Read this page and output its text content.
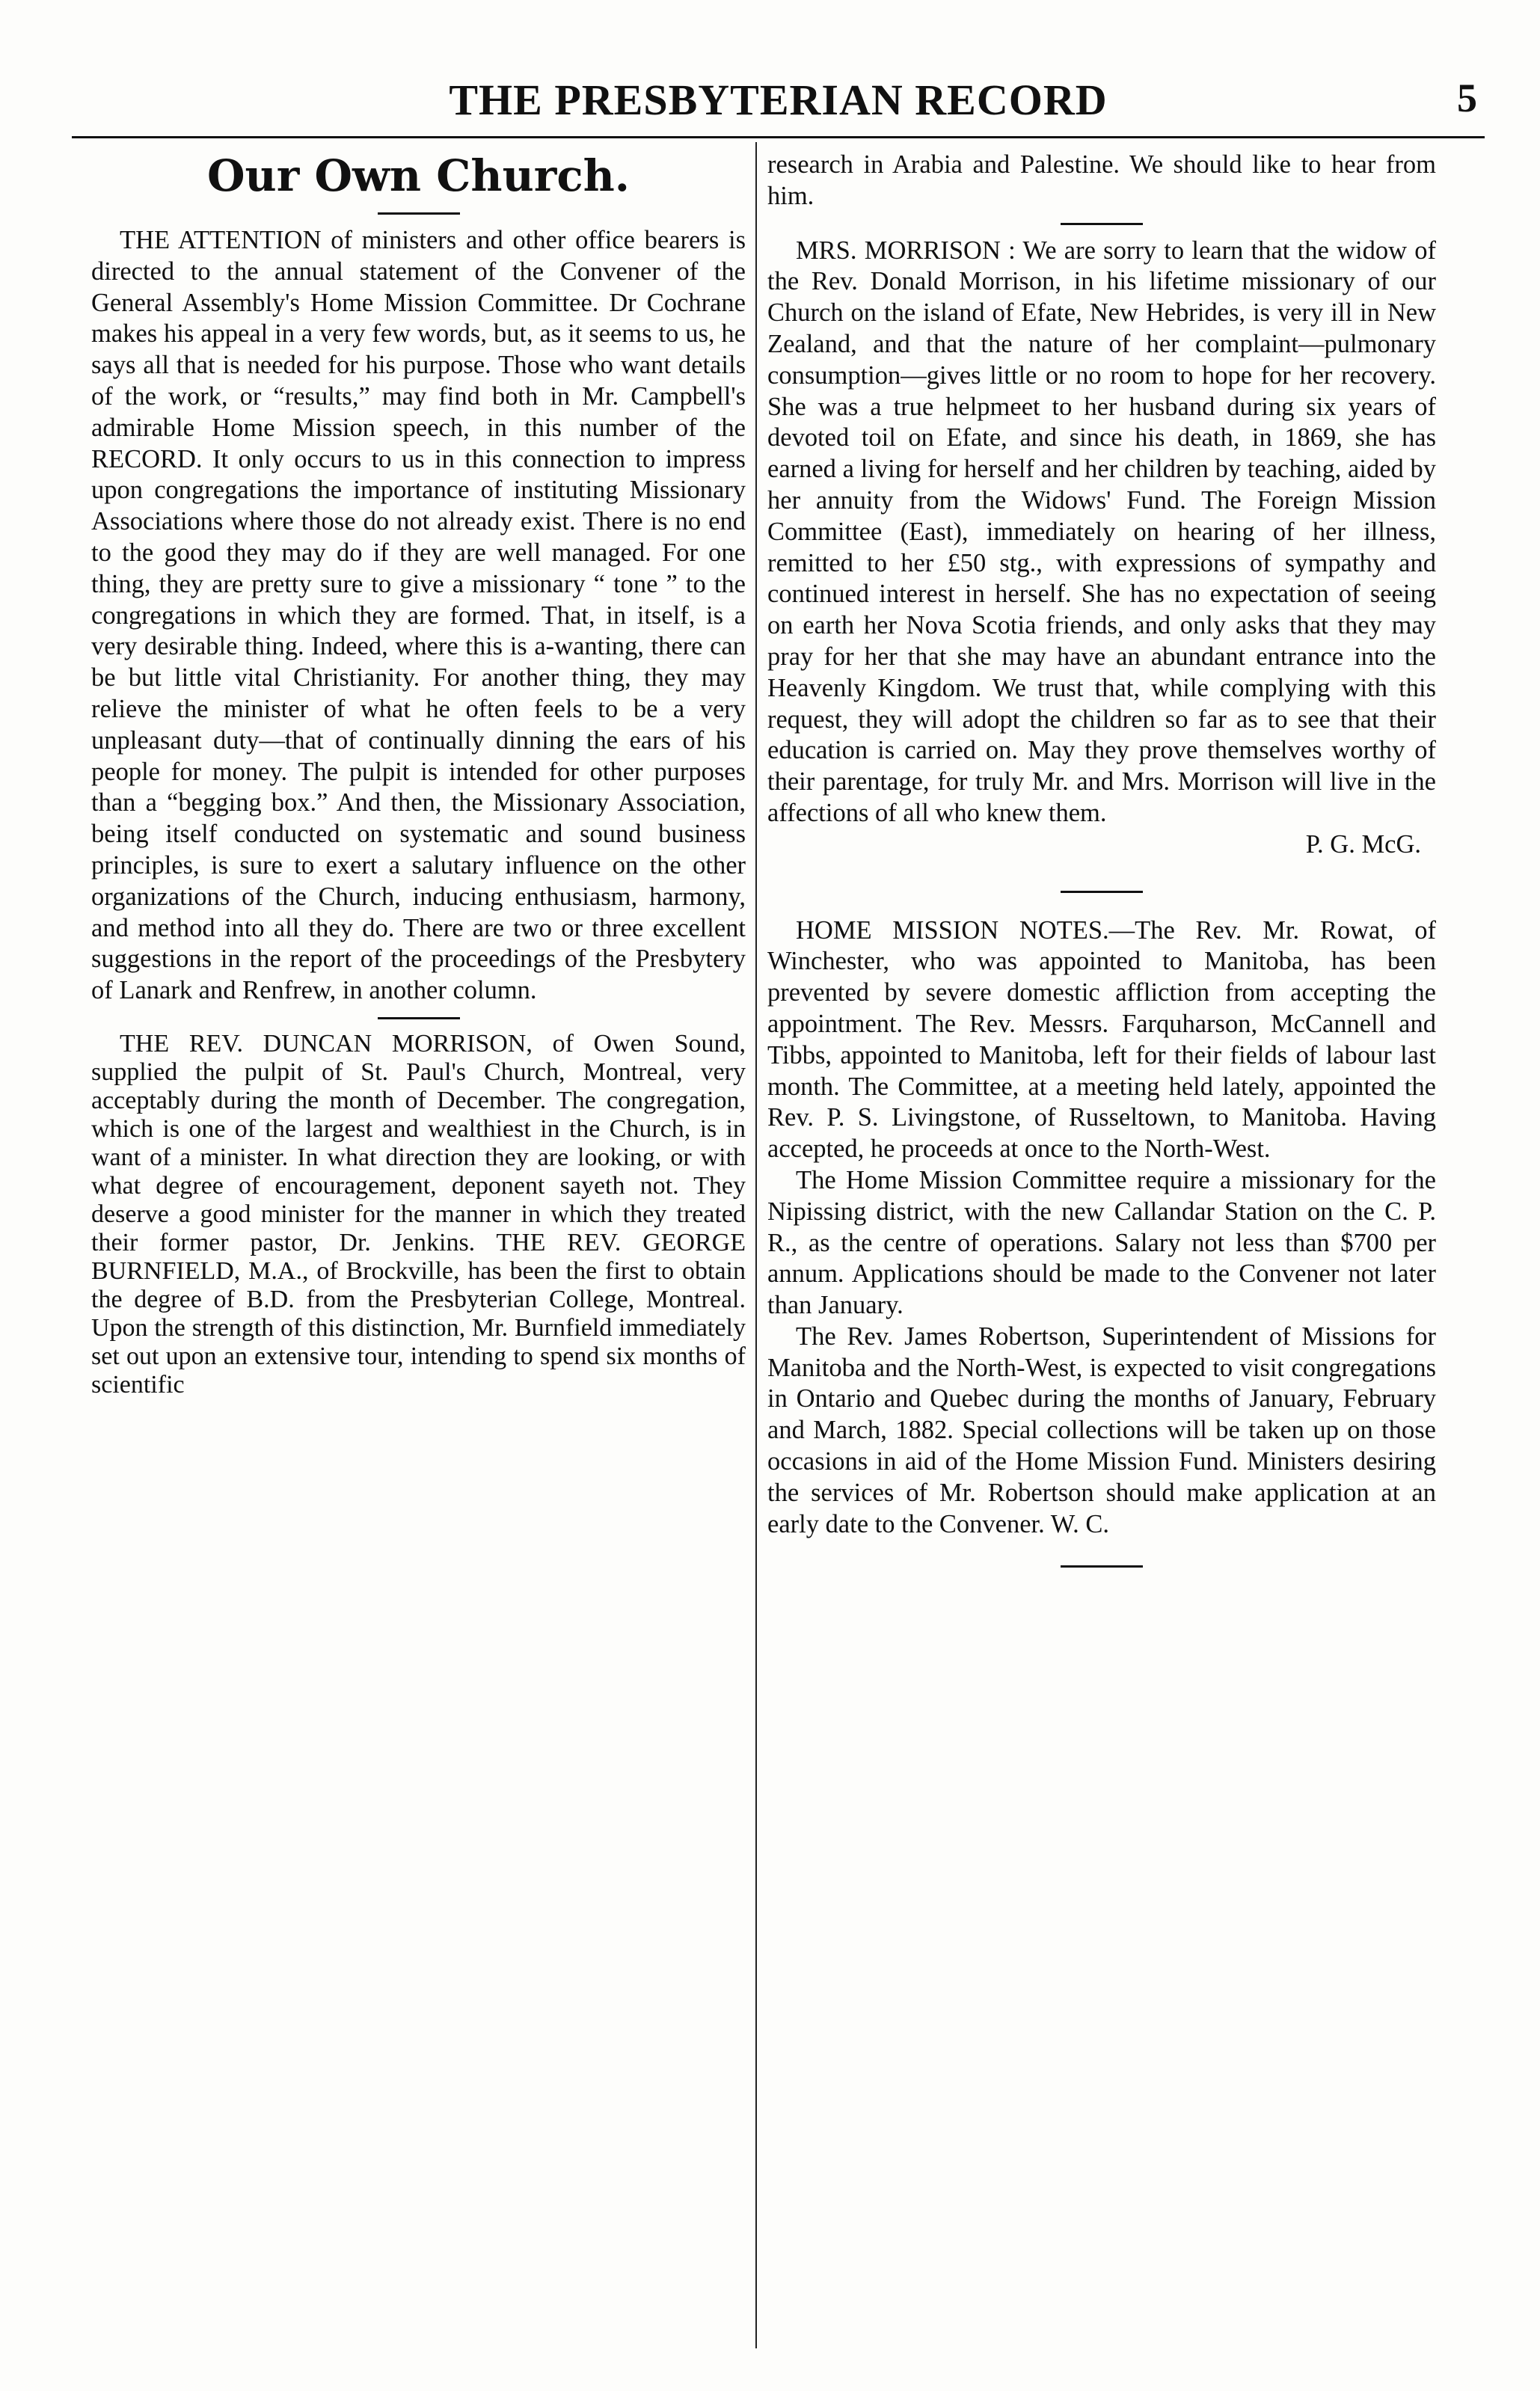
THE PRESBYTERIAN RECORD	5
Our Own Church.

THE ATTENTION of ministers and other office bearers is directed to the annual statement of the Convener of the General Assembly's Home Mission Committee. Dr Cochrane makes his appeal in a very few words, but, as it seems to us, he says all that is needed for his purpose. Those who want details of the work, or “results,” may find both in Mr. Campbell's admirable Home Mission speech, in this number of the RECORD. It only occurs to us in this connection to impress upon congregations the importance of instituting Missionary Associations where those do not already exist. There is no end to the good they may do if they are well managed. For one thing, they are pretty sure to give a missionary “ tone ” to the congregations in which they are formed. That, in itself, is a very desirable thing. Indeed, where this is a-wanting, there can be but little vital Christianity. For another thing, they may relieve the minister of what he often feels to be a very unpleasant duty—that of continually dinning the ears of his people for money. The pulpit is intended for other purposes than a “begging box.” And then, the Missionary Association, being itself conducted on systematic and sound business principles, is sure to exert a salutary influence on the other organizations of the Church, inducing enthusiasm, harmony, and method into all they do. There are two or three excellent suggestions in the report of the proceedings of the Presbytery of Lanark and Renfrew, in another column.

THE REV. DUNCAN MORRISON, of Owen Sound, supplied the pulpit of St. Paul's Church, Montreal, very acceptably during the month of December. The congregation, which is one of the largest and wealthiest in the Church, is in want of a minister. In what direction they are looking, or with what degree of encouragement, deponent sayeth not. They deserve a good minister for the manner in which they treated their former pastor, Dr. Jenkins. THE REV. GEORGE BURNFIELD, M.A., of Brockville, has been the first to obtain the degree of B.D. from the Presbyterian College, Montreal. Upon the strength of this distinction, Mr. Burnfield immediately set out upon an extensive tour, intending to spend six months of scientific

research in Arabia and Palestine. We should like to hear from him.

MRS. MORRISON : We are sorry to learn that the widow of the Rev. Donald Morrison, in his lifetime missionary of our Church on the island of Efate, New Hebrides, is very ill in New Zealand, and that the nature of her complaint—pulmonary consumption—gives little or no room to hope for her recovery. She was a true helpmeet to her husband during six years of devoted toil on Efate, and since his death, in 1869, she has earned a living for herself and her children by teaching, aided by her annuity from the Widows' Fund. The Foreign Mission Committee (East), immediately on hearing of her illness, remitted to her £50 stg., with expressions of sympathy and continued interest in herself. She has no expectation of seeing on earth her Nova Scotia friends, and only asks that they may pray for her that she may have an abundant entrance into the Heavenly Kingdom. We trust that, while complying with this request, they will adopt the children so far as to see that their education is carried on. May they prove themselves worthy of their parentage, for truly Mr. and Mrs. Morrison will live in the affections of all who knew them.

P. G. McG.

HOME MISSION NOTES.—The Rev. Mr. Rowat, of Winchester, who was appointed to Manitoba, has been prevented by severe domestic affliction from accepting the appointment. The Rev. Messrs. Farquharson, McCannell and Tibbs, appointed to Manitoba, left for their fields of labour last month. The Committee, at a meeting held lately, appointed the Rev. P. S. Livingstone, of Russeltown, to Manitoba. Having accepted, he proceeds at once to the North-West.

The Home Mission Committee require a missionary for the Nipissing district, with the new Callandar Station on the C. P. R., as the centre of operations. Salary not less than $700 per annum. Applications should be made to the Convener not later than January.

The Rev. James Robertson, Superintendent of Missions for Manitoba and the North-West, is expected to visit congregations in Ontario and Quebec during the months of January, February and March, 1882. Special collections will be taken up on those occasions in aid of the Home Mission Fund. Ministers desiring the services of Mr. Robertson should make application at an early date to the Convener. W. C.
